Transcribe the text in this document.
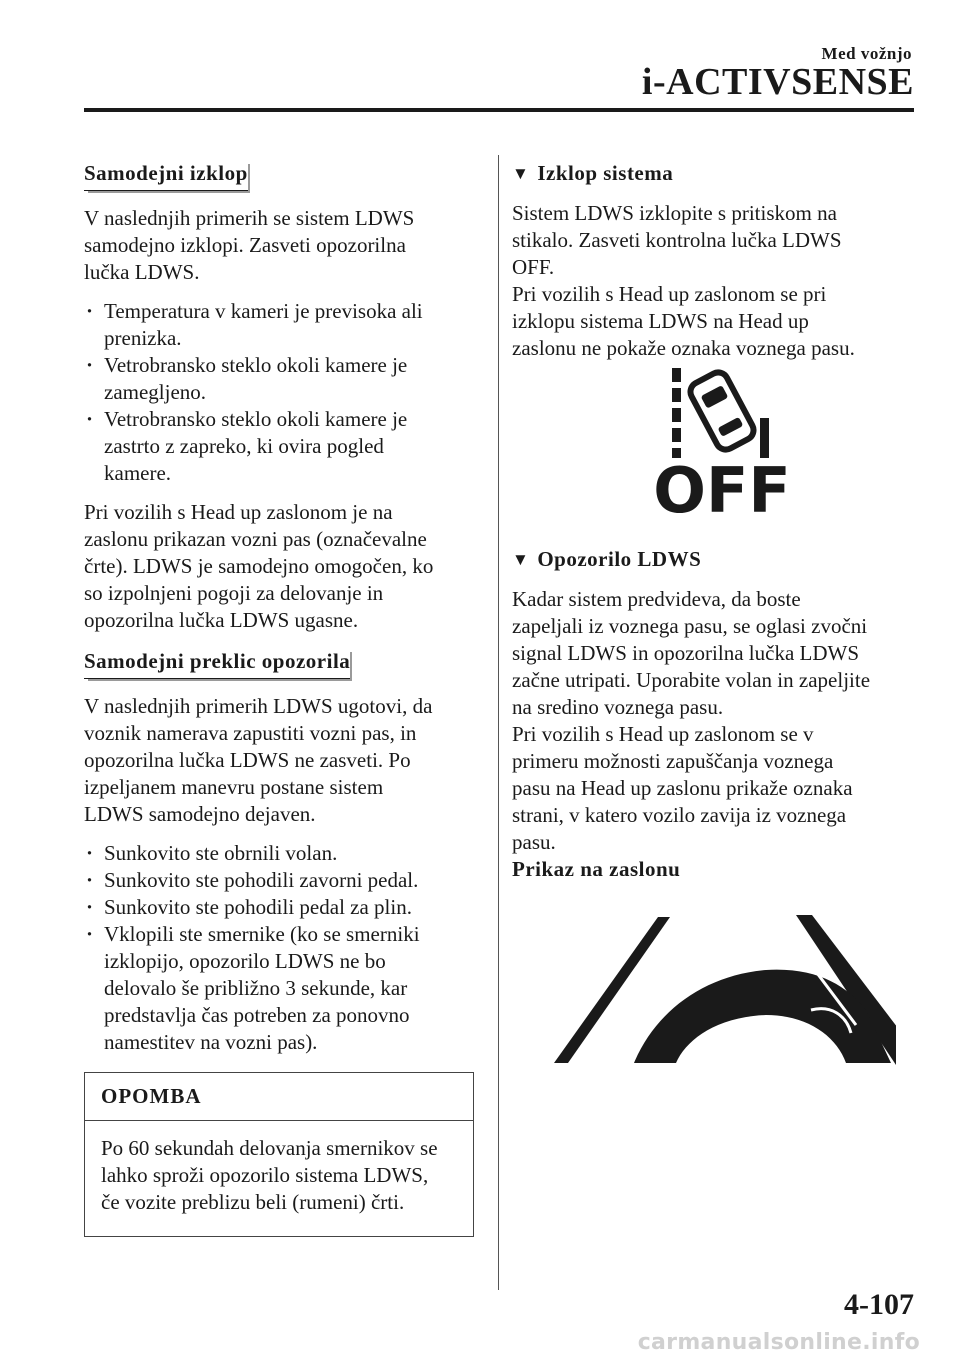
Med vožnjo
i-ACTIVSENSE
Samodejni izklop

V naslednjih primerih se sistem LDWS
samodejno izklopi. Zasveti opozorilna
lučka LDWS.

· Temperatura v kameri je previsoka ali
prenizka.
· Vetrobransko steklo okoli kamere je
zamegljeno.
· Vetrobransko steklo okoli kamere je
zastrto z zapreko, ki ovira pogled
kamere.

Pri vozilih s Head up zaslonom je na
zaslonu prikazan vozni pas (označevalne
črte). LDWS je samodejno omogočen, ko
so izpolnjeni pogoji za delovanje in
opozorilna lučka LDWS ugasne.

Samodejni preklic opozorila

V naslednjih primerih LDWS ugotovi, da
voznik namerava zapustiti vozni pas, in
opozorilna lučka LDWS ne zasveti. Po
izpeljanem manevru postane sistem
LDWS samodejno dejaven.

· Sunkovito ste obrnili volan.
· Sunkovito ste pohodili zavorni pedal.
· Sunkovito ste pohodili pedal za plin.
· Vklopili ste smernike (ko se smerniki
izklopijo, opozorilo LDWS ne bo
delovalo še približno 3 sekunde, kar
predstavlja čas potreben za ponovno
namestitev na vozni pas).
OPOMBA

Po 60 sekundah delovanja smernikov se
lahko sproži opozorilo sistema LDWS,
če vozite preblizu beli (rumeni) črti.

▼ Izklop sistema

Sistem LDWS izklopite s pritiskom na
stikalo. Zasveti kontrolna lučka LDWS
OFF.
Pri vozilih s Head up zaslonom se pri
izklopu sistema LDWS na Head up
zaslonu ne pokaže oznaka voznega pasu.

OFF
▼ Opozorilo LDWS

Kadar sistem predvideva, da boste
zapeljali iz voznega pasu, se oglasi zvočni
signal LDWS in opozorilna lučka LDWS
začne utripati. Uporabite volan in zapeljite
na sredino voznega pasu.
Pri vozilih s Head up zaslonom se v
primeru možnosti zapuščanja voznega
pasu na Head up zaslonu prikaže oznaka
strani, v katero vozilo zavija iz voznega
pasu.

Prikaz na zaslonu
4-107
carmanualsonline.info
